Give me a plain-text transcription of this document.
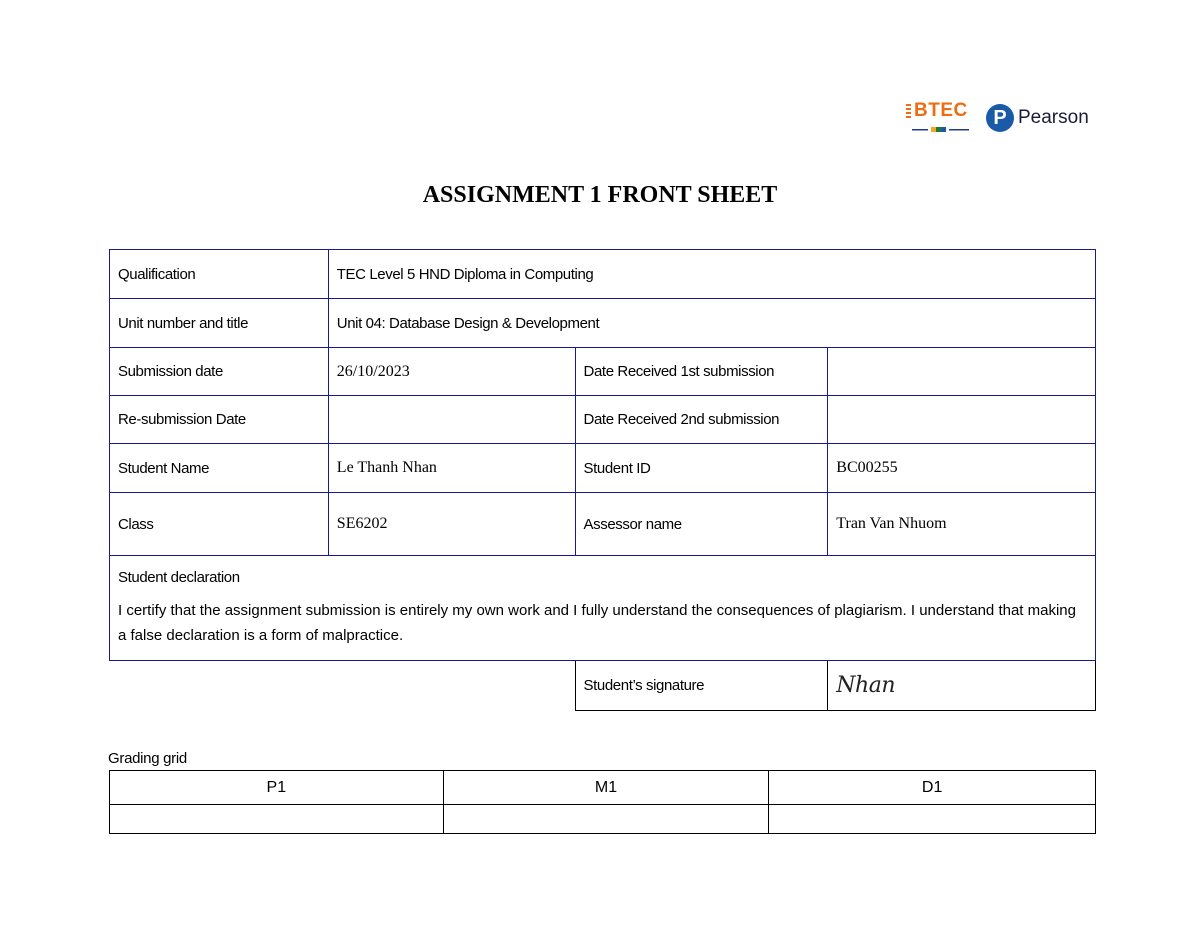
BTEC	P Pearson
ASSIGNMENT 1 FRONT SHEET
Qualification	TEC Level 5 HND Diploma in Computing		
Unit number and title	Unit 04: Database Design & Development		
Submission date	26/10/2023	Date Received 1st submission	
Re-submission Date		Date Received 2nd submission	
Student Name	Le Thanh Nhan	Student ID	BC00255
Class	SE6202	Assessor name	Tran Van Nhuom

Student declaration
I certify that the assignment submission is entirely my own work and I fully understand the consequences of plagiarism. I understand that making a false declaration is a form of malpractice.			

		Student’s signature	Nhan
Grading grid
P1	M1	D1
